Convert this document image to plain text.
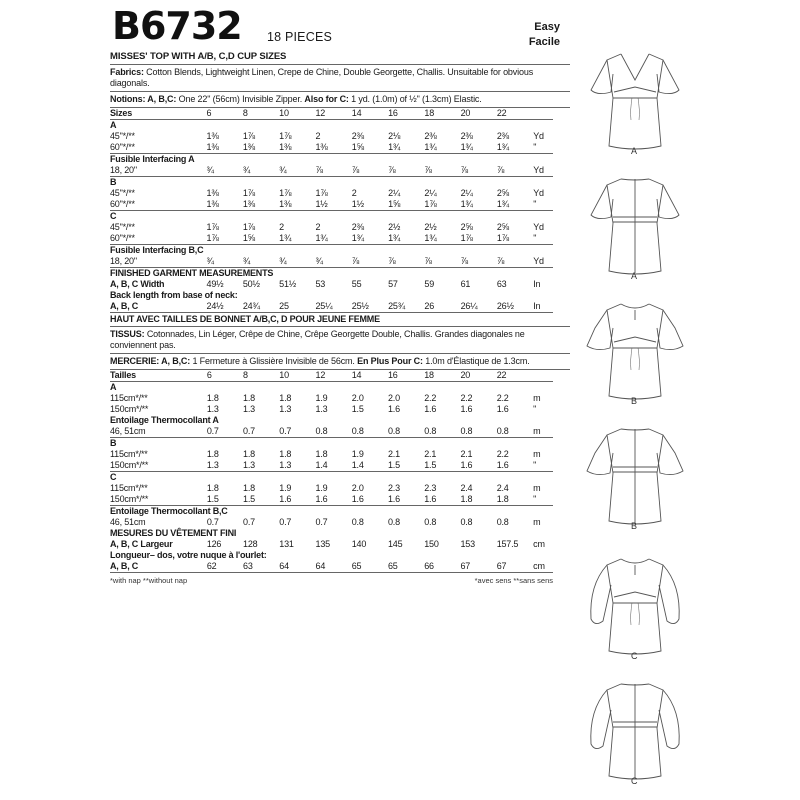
B6732 18 PIECES
Easy
Facile
MISSES' TOP WITH A/B, C,D CUP SIZES
Fabrics: Cotton Blends, Lightweight Linen, Crepe de Chine, Double Georgette, Challis. Unsuitable for obvious diagonals.
Notions: A, B,C: One 22" (56cm) Invisible Zipper. Also for C: 1 yd. (1.0m) of ½" (1.3cm) Elastic.
Sizes	6	8	10	12	14	16	18	20	22	
A										
45"*/**	1⅜	1⅞	1⅞	2	2⅜	2⅛	2⅜	2⅜	2⅜	Yd
60"*/**	1⅜	1⅜	1⅜	1⅜	1⅝	1¾	1¾	1¾	1¾	"
Fusible Interfacing A										
18, 20"	¾	¾	¾	⅞	⅞	⅞	⅞	⅞	⅞	Yd
B										
45"*/**	1⅜	1⅞	1⅞	1⅞	2	2¼	2¼	2¼	2⅝	Yd
60"*/**	1⅜	1⅜	1⅜	1½	1½	1⅝	1⅞	1¾	1¾	"
C										
45"*/**	1⅞	1⅞	2	2	2⅜	2½	2½	2⅝	2⅝	Yd
60"*/**	1⅞	1⅝	1¾	1¾	1¾	1¾	1¾	1⅞	1⅞	"
Fusible Interfacing B,C										
18, 20"	¾	¾	¾	¾	⅞	⅞	⅞	⅞	⅞	Yd
FINISHED GARMENT MEASUREMENTS										
A, B, C Width	49½	50½	51½	53	55	57	59	61	63	In
Back length from base of neck:										
A, B, C	24½	24¾	25	25¼	25½	25¾	26	26¼	26½	In
HAUT AVEC TAILLES DE BONNET A/B,C, D POUR JEUNE FEMME
TISSUS: Cotonnades, Lin Léger, Crêpe de Chine, Crêpe Georgette Double, Challis. Grandes diagonales ne conviennent pas.
MERCERIE: A, B,C: 1 Fermeture à Glissière Invisible de 56cm. En Plus Pour C: 1.0m d'Élastique de 1.3cm.
Tailles	6	8	10	12	14	16	18	20	22	
A										
115cm*/**	1.8	1.8	1.8	1.9	2.0	2.0	2.2	2.2	2.2	m
150cm*/**	1.3	1.3	1.3	1.3	1.5	1.6	1.6	1.6	1.6	"
Entoilage Thermocollant A										
46, 51cm	0.7	0.7	0.7	0.8	0.8	0.8	0.8	0.8	0.8	m
B										
115cm*/**	1.8	1.8	1.8	1.8	1.9	2.1	2.1	2.1	2.2	m
150cm*/**	1.3	1.3	1.3	1.4	1.4	1.5	1.5	1.6	1.6	"
C										
115cm*/**	1.8	1.8	1.9	1.9	2.0	2.3	2.3	2.4	2.4	m
150cm*/**	1.5	1.5	1.6	1.6	1.6	1.6	1.6	1.8	1.8	"
Entoilage Thermocollant B,C										
46, 51cm	0.7	0.7	0.7	0.7	0.8	0.8	0.8	0.8	0.8	m
MESURES DU VÊTEMENT FINI										
A, B, C Largeur	126	128	131	135	140	145	150	153	157.5	cm
Longueur– dos, votre nuque à l'ourlet:										
A, B, C	62	63	64	64	65	65	66	67	67	cm
*with nap **without nap	*avec sens **sans sens
A
A
B
B
C
C
